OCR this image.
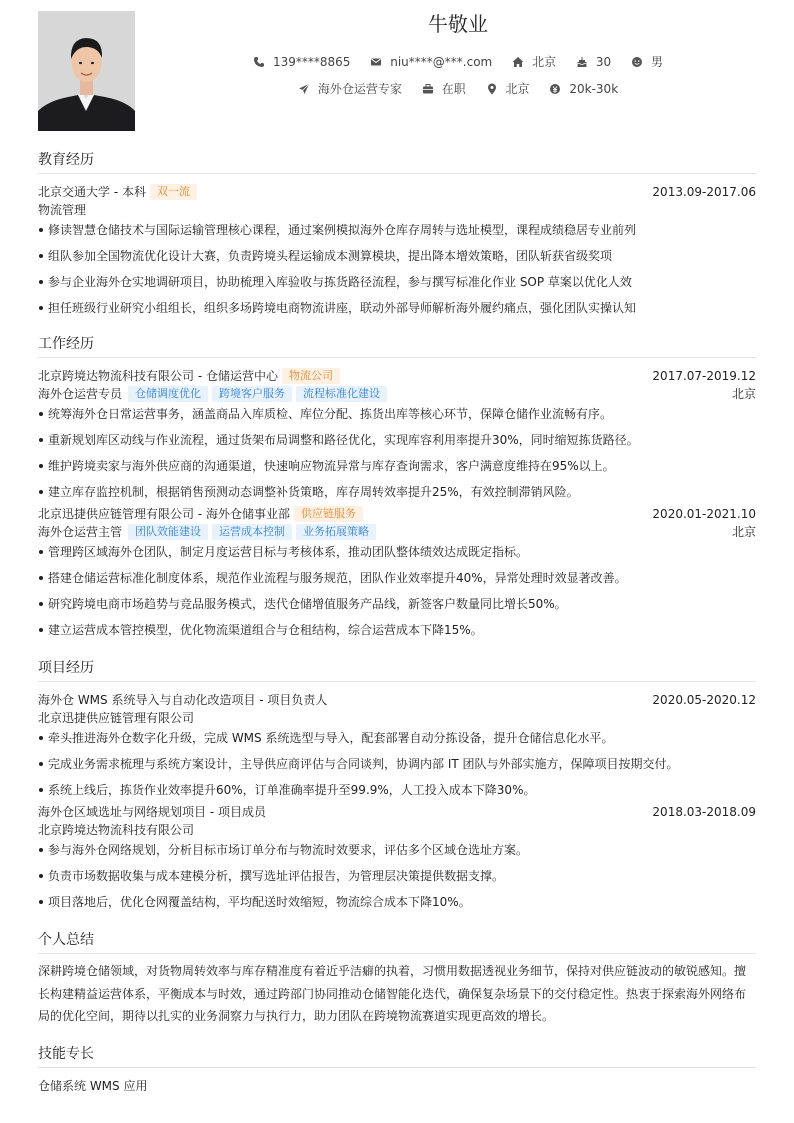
牛敬业
139****8865	niu****@***.com	北京	30	男
海外仓运营专家	在职	北京	20k-30k
教育经历
北京交通大学 - 本科 双一流	2013.09-2017.06
物流管理
修读智慧仓储技术与国际运输管理核心课程，通过案例模拟海外仓库存周转与选址模型，课程成绩稳居专业前列
组队参加全国物流优化设计大赛，负责跨境头程运输成本测算模块，提出降本增效策略，团队斩获省级奖项
参与企业海外仓实地调研项目，协助梳理入库验收与拣货路径流程，参与撰写标准化作业 SOP 草案以优化人效
担任班级行业研究小组组长，组织多场跨境电商物流讲座，联动外部导师解析海外履约痛点，强化团队实操认知
工作经历
北京跨境达物流科技有限公司 - 仓储运营中心 物流公司	2017.07-2019.12
海外仓运营专员 仓储调度优化 跨境客户服务 流程标准化建设	北京
统筹海外仓日常运营事务，涵盖商品入库质检、库位分配、拣货出库等核心环节，保障仓储作业流畅有序。
重新规划库区动线与作业流程，通过货架布局调整和路径优化，实现库容利用率提升30%，同时缩短拣货路径。
维护跨境卖家与海外供应商的沟通渠道，快速响应物流异常与库存查询需求，客户满意度维持在95%以上。
建立库存监控机制，根据销售预测动态调整补货策略，库存周转效率提升25%，有效控制滞销风险。
北京迅捷供应链管理有限公司 - 海外仓储事业部 供应链服务	2020.01-2021.10
海外仓运营主管 团队效能建设 运营成本控制 业务拓展策略	北京
管理跨区域海外仓团队，制定月度运营目标与考核体系，推动团队整体绩效达成既定指标。
搭建仓储运营标准化制度体系，规范作业流程与服务规范，团队作业效率提升40%，异常处理时效显著改善。
研究跨境电商市场趋势与竞品服务模式，迭代仓储增值服务产品线，新签客户数量同比增长50%。
建立运营成本管控模型，优化物流渠道组合与仓租结构，综合运营成本下降15%。
项目经历
海外仓 WMS 系统导入与自动化改造项目 - 项目负责人	2020.05-2020.12
北京迅捷供应链管理有限公司
牵头推进海外仓数字化升级，完成 WMS 系统选型与导入，配套部署自动分拣设备，提升仓储信息化水平。
完成业务需求梳理与系统方案设计，主导供应商评估与合同谈判，协调内部 IT 团队与外部实施方，保障项目按期交付。
系统上线后，拣货作业效率提升60%，订单准确率提升至99.9%，人工投入成本下降30%。
海外仓区域选址与网络规划项目 - 项目成员	2018.03-2018.09
北京跨境达物流科技有限公司
参与海外仓网络规划，分析目标市场订单分布与物流时效要求，评估多个区域仓选址方案。
负责市场数据收集与成本建模分析，撰写选址评估报告，为管理层决策提供数据支撑。
项目落地后，优化仓网覆盖结构，平均配送时效缩短，物流综合成本下降10%。
个人总结
深耕跨境仓储领域，对货物周转效率与库存精准度有着近乎洁癖的执着，习惯用数据透视业务细节，保持对供应链波动的敏锐感知。擅
长构建精益运营体系，平衡成本与时效，通过跨部门协同推动仓储智能化迭代，确保复杂场景下的交付稳定性。热衷于探索海外网络布
局的优化空间，期待以扎实的业务洞察力与执行力，助力团队在跨境物流赛道实现更高效的增长。
技能专长
仓储系统 WMS 应用
